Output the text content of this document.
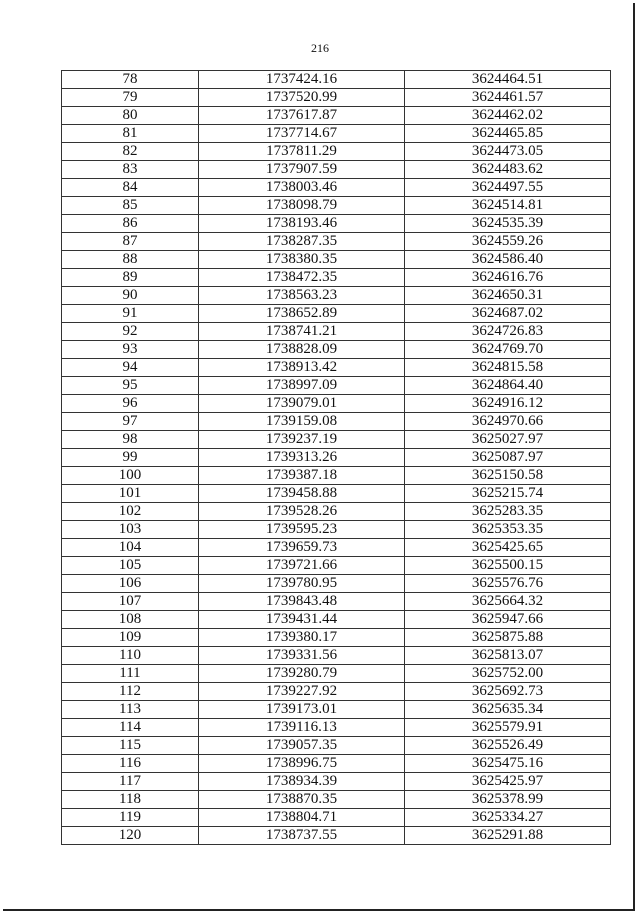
216
78	1737424.16	3624464.51
79	1737520.99	3624461.57
80	1737617.87	3624462.02
81	1737714.67	3624465.85
82	1737811.29	3624473.05
83	1737907.59	3624483.62
84	1738003.46	3624497.55
85	1738098.79	3624514.81
86	1738193.46	3624535.39
87	1738287.35	3624559.26
88	1738380.35	3624586.40
89	1738472.35	3624616.76
90	1738563.23	3624650.31
91	1738652.89	3624687.02
92	1738741.21	3624726.83
93	1738828.09	3624769.70
94	1738913.42	3624815.58
95	1738997.09	3624864.40
96	1739079.01	3624916.12
97	1739159.08	3624970.66
98	1739237.19	3625027.97
99	1739313.26	3625087.97
100	1739387.18	3625150.58
101	1739458.88	3625215.74
102	1739528.26	3625283.35
103	1739595.23	3625353.35
104	1739659.73	3625425.65
105	1739721.66	3625500.15
106	1739780.95	3625576.76
107	1739843.48	3625664.32
108	1739431.44	3625947.66
109	1739380.17	3625875.88
110	1739331.56	3625813.07
111	1739280.79	3625752.00
112	1739227.92	3625692.73
113	1739173.01	3625635.34
114	1739116.13	3625579.91
115	1739057.35	3625526.49
116	1738996.75	3625475.16
117	1738934.39	3625425.97
118	1738870.35	3625378.99
119	1738804.71	3625334.27
120	1738737.55	3625291.88
